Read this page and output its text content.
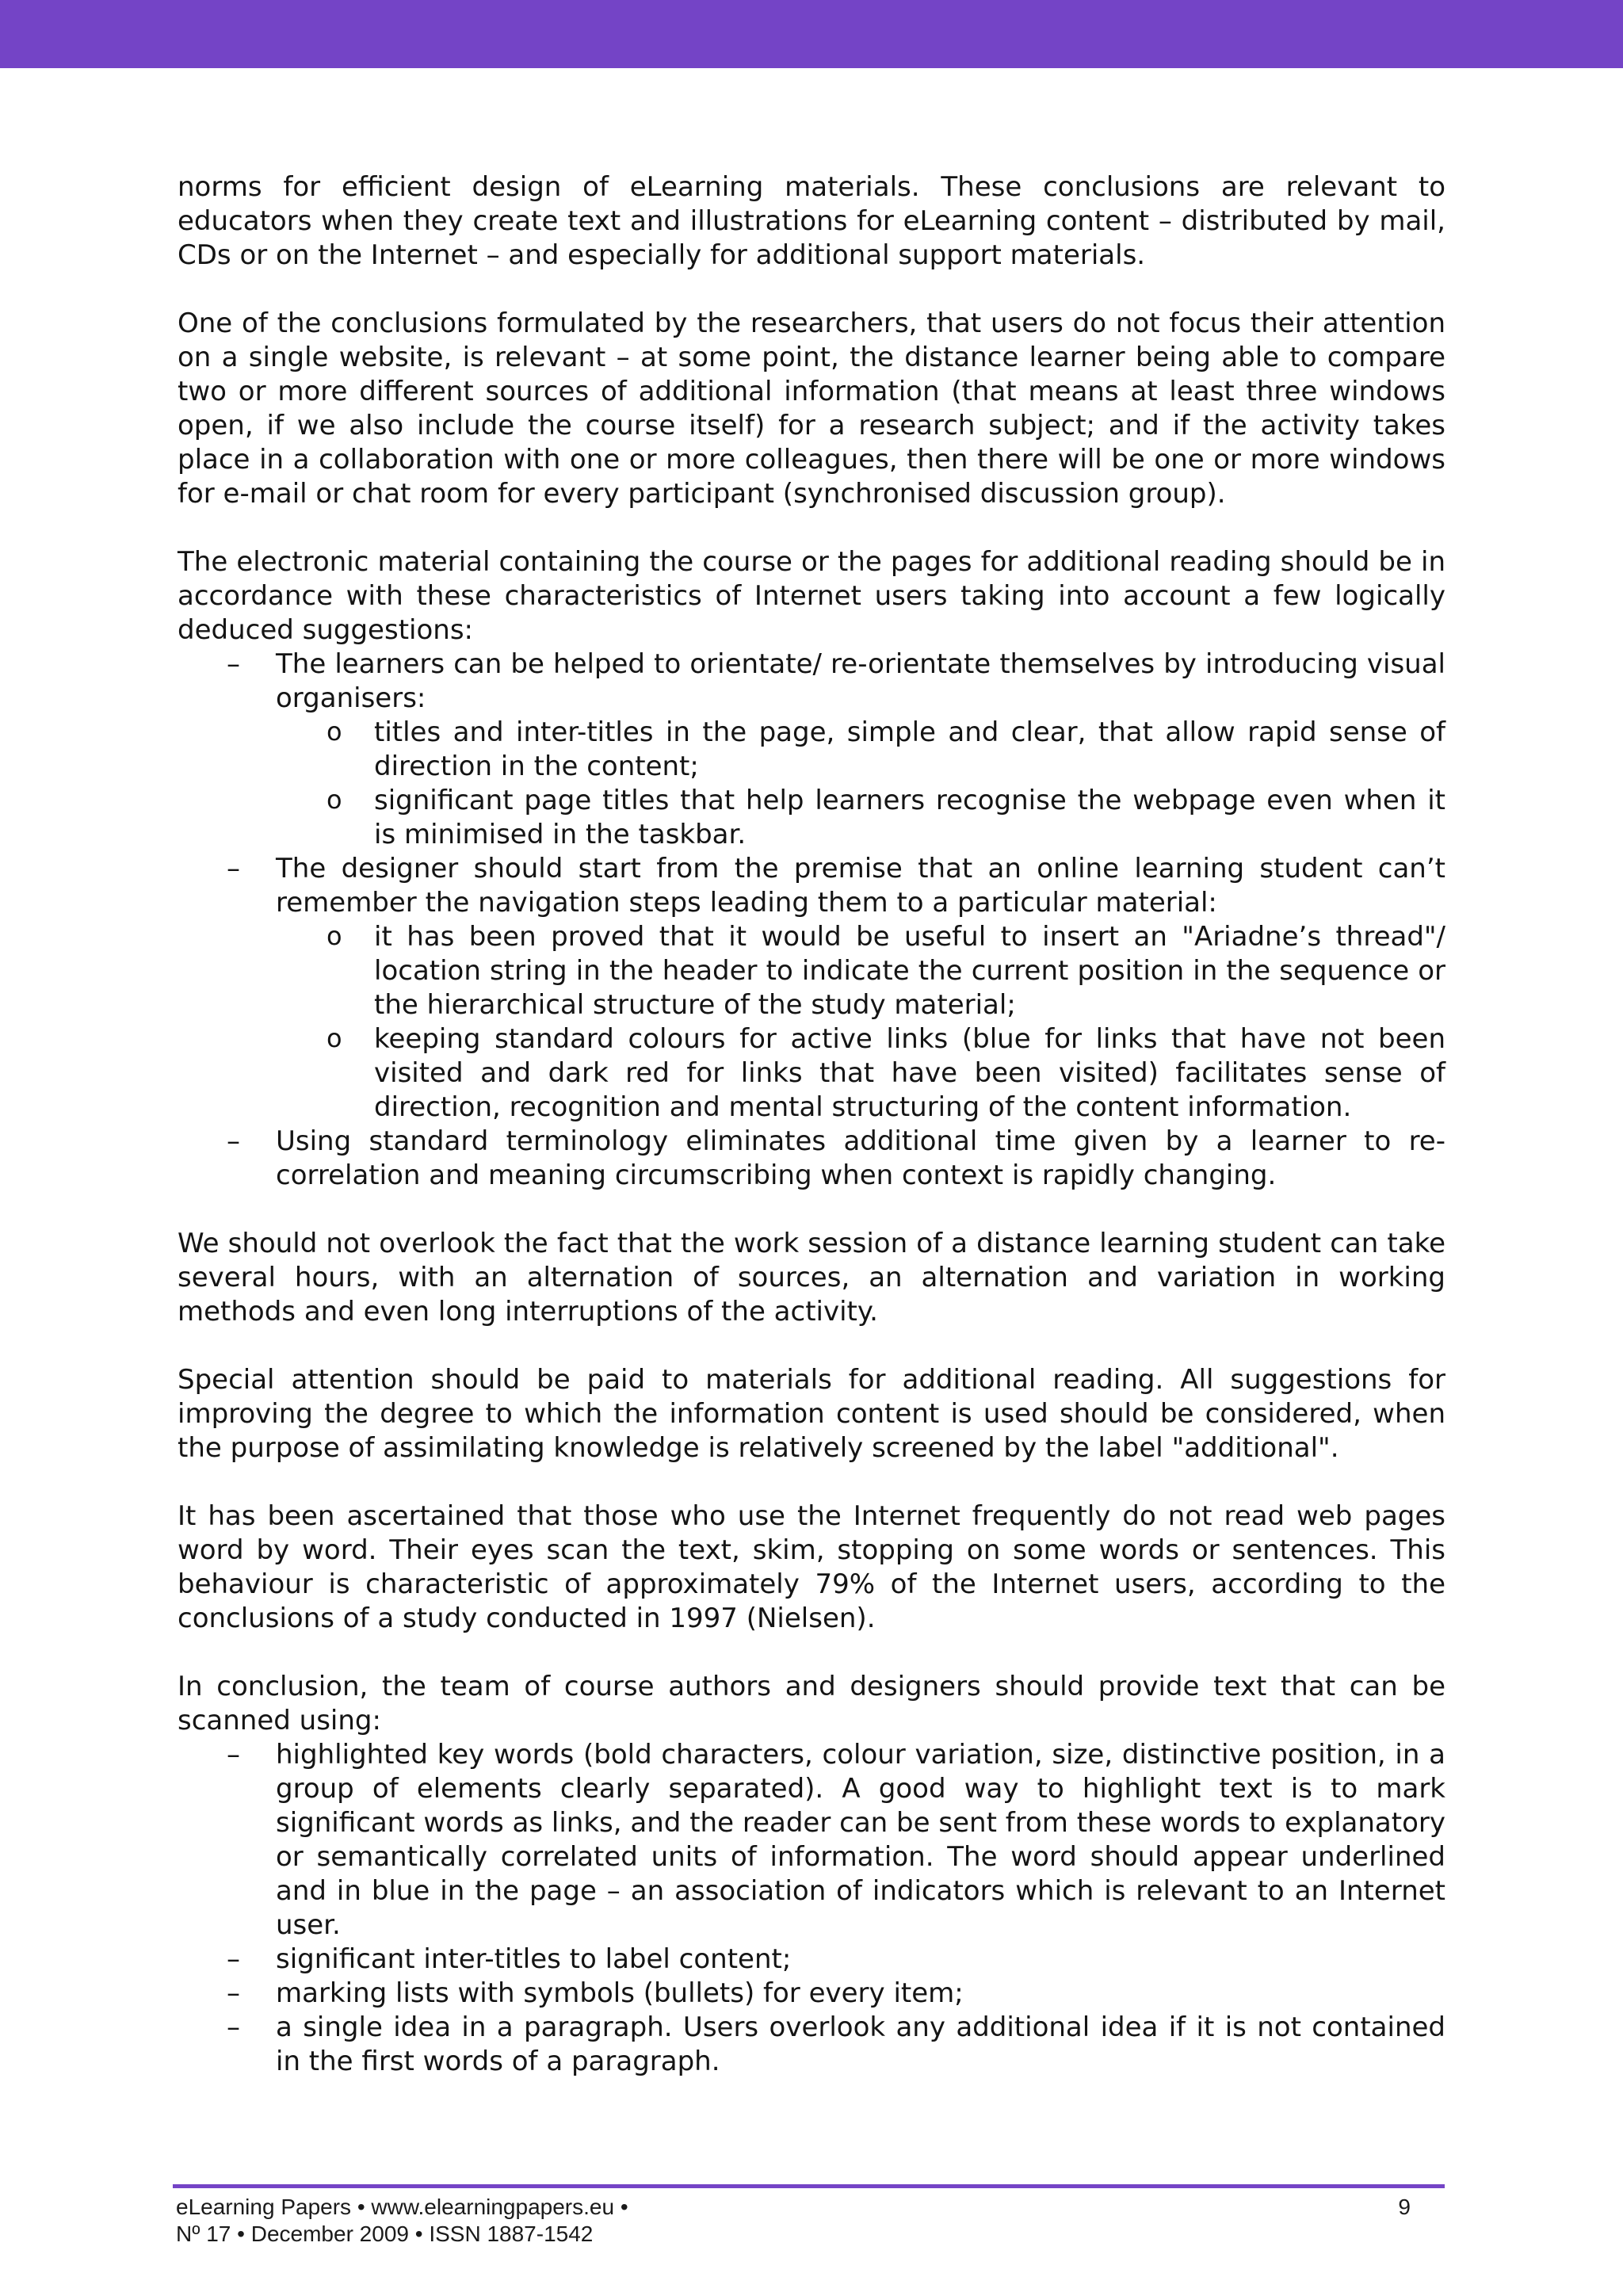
norms for efficient design of eLearning materials. These conclusions are relevant to educators when they create text and illustrations for eLearning content – distributed by mail, CDs or on the Internet – and especially for additional support materials.

One of the conclusions formulated by the researchers, that users do not focus their attention on a single website, is relevant – at some point, the distance learner being able to compare two or more different sources of additional information (that means at least three windows open, if we also include the course itself) for a research subject; and if the activity takes place in a collaboration with one or more colleagues, then there will be one or more windows for e-mail or chat room for every participant (synchronised discussion group).

The electronic material containing the course or the pages for additional reading should be in accordance with these characteristics of Internet users taking into account a few logically deduced suggestions:

– The learners can be helped to orientate/ re-orientate themselves by introducing visual organisers:
o titles and inter-titles in the page, simple and clear, that allow rapid sense of direction in the content;
o significant page titles that help learners recognise the webpage even when it is minimised in the taskbar.
– The designer should start from the premise that an online learning student can’t remember the navigation steps leading them to a particular material:
o it has been proved that it would be useful to insert an "Ariadne’s thread"/ location string in the header to indicate the current position in the sequence or the hierarchical structure of the study material;
o keeping standard colours for active links (blue for links that have not been visited and dark red for links that have been visited) facilitates sense of direction, recognition and mental structuring of the content information.
– Using standard terminology eliminates additional time given by a learner to re-correlation and meaning circumscribing when context is rapidly changing.

We should not overlook the fact that the work session of a distance learning student can take several hours, with an alternation of sources, an alternation and variation in working methods and even long interruptions of the activity.

Special attention should be paid to materials for additional reading. All suggestions for improving the degree to which the information content is used should be considered, when the purpose of assimilating knowledge is relatively screened by the label "additional".

It has been ascertained that those who use the Internet frequently do not read web pages word by word. Their eyes scan the text, skim, stopping on some words or sentences. This behaviour is characteristic of approximately 79% of the Internet users, according to the conclusions of a study conducted in 1997 (Nielsen).

In conclusion, the team of course authors and designers should provide text that can be scanned using:

– highlighted key words (bold characters, colour variation, size, distinctive position, in a group of elements clearly separated). A good way to highlight text is to mark significant words as links, and the reader can be sent from these words to explanatory or semantically correlated units of information. The word should appear underlined and in blue in the page – an association of indicators which is relevant to an Internet user.
– significant inter-titles to label content;
– marking lists with symbols (bullets) for every item;
– a single idea in a paragraph. Users overlook any additional idea if it is not contained in the first words of a paragraph.
eLearning Papers • www.elearningpapers.eu •
Nº 17 • December 2009 • ISSN 1887-1542
9
